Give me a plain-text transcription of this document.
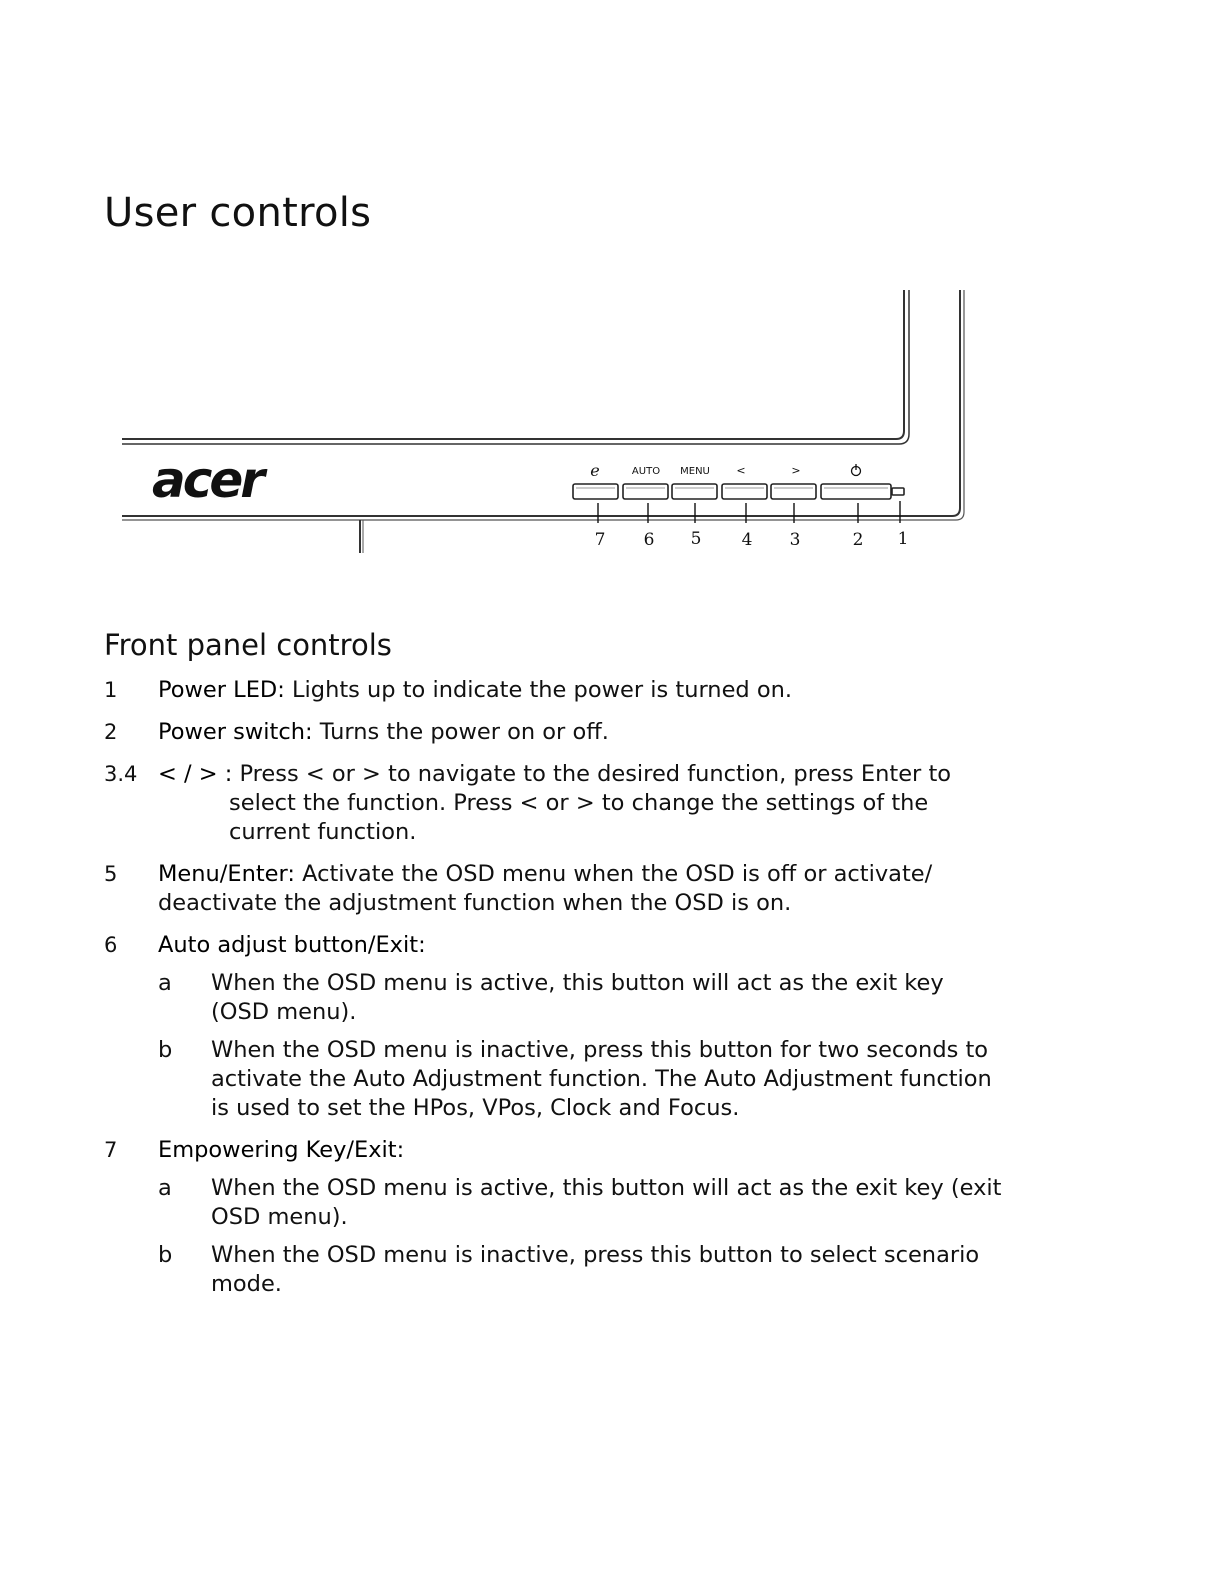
User controls
acer	e	AUTO MENU <	>
7 6 5 4 3	2 1
Front panel controls
1	Power LED: Lights up to indicate the power is turned on.
2	Power switch: Turns the power on or off.
3.4 < / > : Press < or > to navigate to the desired function, press Enter to select the function. Press < or > to change the settings of the current function.
5	Menu/Enter: Activate the OSD menu when the OSD is off or activate/ deactivate the adjustment function when the OSD is on.
6	Auto adjust button/Exit:
a When the OSD menu is active, this button will act as the exit key (OSD menu).
b When the OSD menu is inactive, press this button for two seconds to activate the Auto Adjustment function. The Auto Adjustment function is used to set the HPos, VPos, Clock and Focus.
7	Empowering Key/Exit:
a When the OSD menu is active, this button will act as the exit key (exit OSD menu).
b When the OSD menu is inactive, press this button to select scenario mode.
